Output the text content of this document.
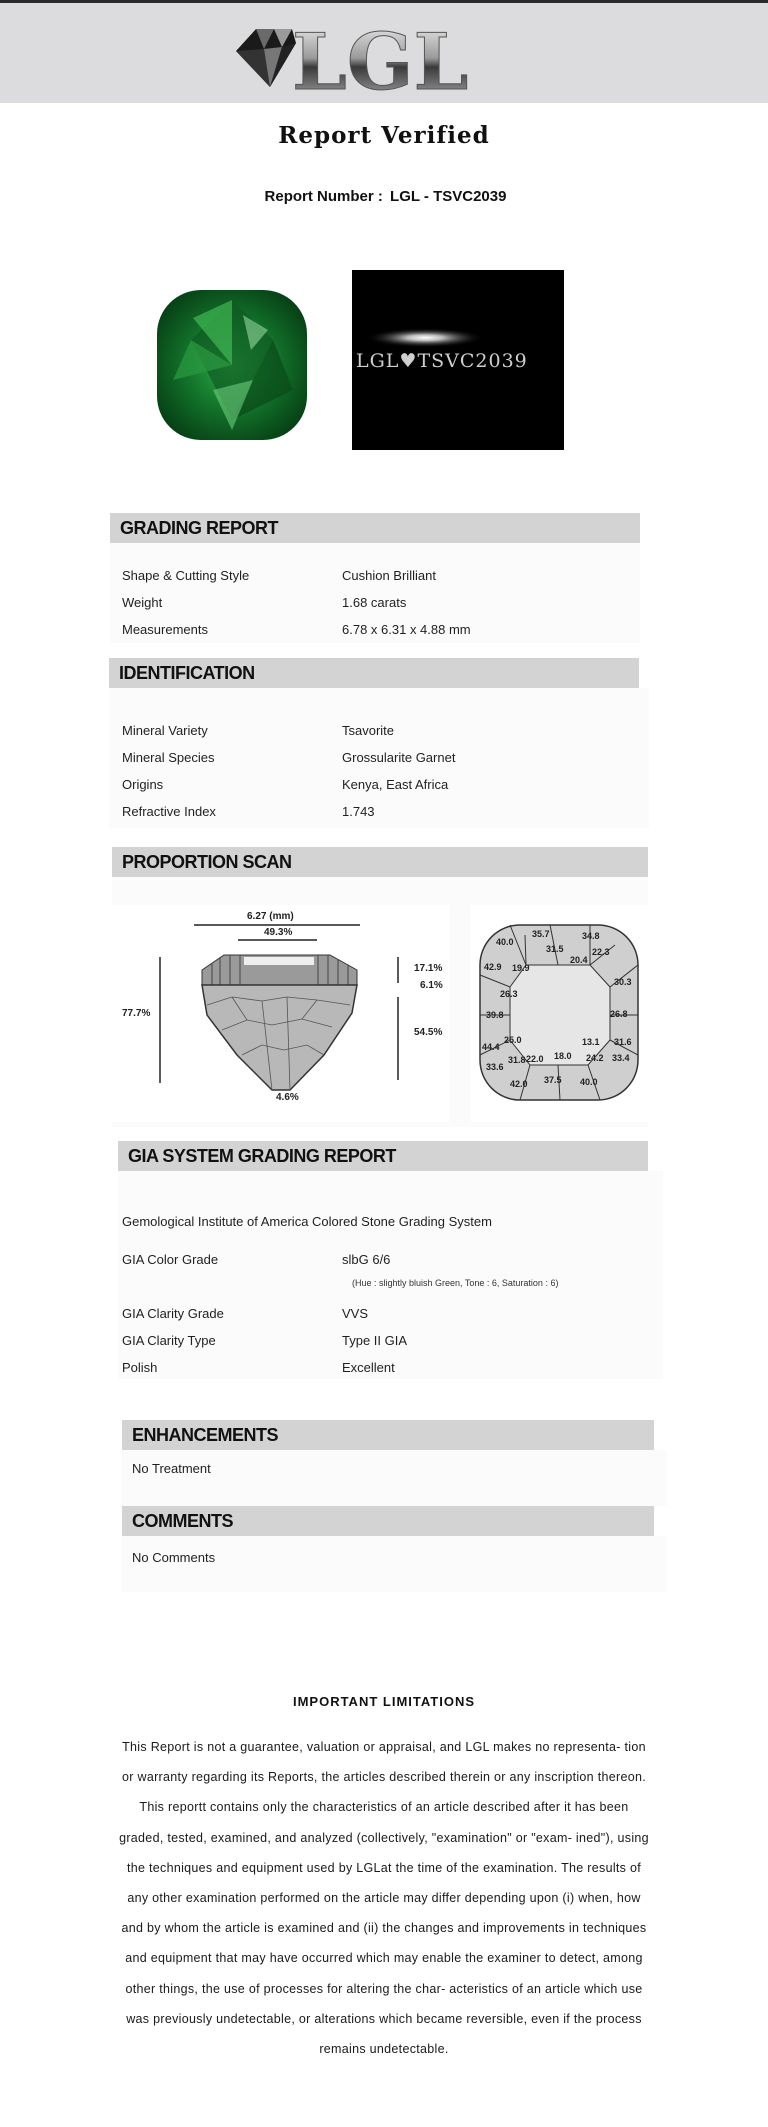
LGL
Report Verified
Report Number : LGL - TSVC2039
LGL♥TSVC2039
GRADING REPORT
Shape & Cutting Style	Cushion Brilliant
Weight	1.68 carats
Measurements	6.78 x 6.31 x 4.88 mm
IDENTIFICATION
Mineral Variety	Tsavorite
Mineral Species	Grossularite Garnet
Origins	Kenya, East Africa
Refractive Index	1.743
PROPORTION SCAN
6.27 (mm)
49.3%
77.7%
17.1%
6.1%
54.5%
4.6%
40.0
35.7	34.8
31.5
20.4
22.3
42.9 19.9
30.3
26.3
39.8	26.8
25.0
44.4	13.1 31.6
22.0 18.0 24.2 33.4
31.8
33.6
37.5
42.0	40.0
GIA SYSTEM GRADING REPORT
Gemological Institute of America Colored Stone Grading System
GIA Color Grade	slbG 6/6
(Hue : slightly bluish Green, Tone : 6, Saturation : 6)
GIA Clarity Grade	VVS
GIA Clarity Type	Type II GIA
Polish	Excellent
ENHANCEMENTS
No Treatment
COMMENTS
No Comments
IMPORTANT LIMITATIONS
This Report is not a guarantee, valuation or appraisal, and LGL makes no representa- tion or warranty regarding its Reports, the articles described therein or any inscription thereon. This reportt contains only the characteristics of an article described after it has been graded, tested, examined, and analyzed (collectively, "examination" or "exam- ined"), using the techniques and equipment used by LGLat the time of the examination. The results of any other examination performed on the article may differ depending upon (i) when, how and by whom the article is examined and (ii) the changes and improvements in techniques and equipment that may have occurred which may enable the examiner to detect, among other things, the use of processes for altering the char- acteristics of an article which use was previously undetectable, or alterations which became reversible, even if the process remains undetectable.
